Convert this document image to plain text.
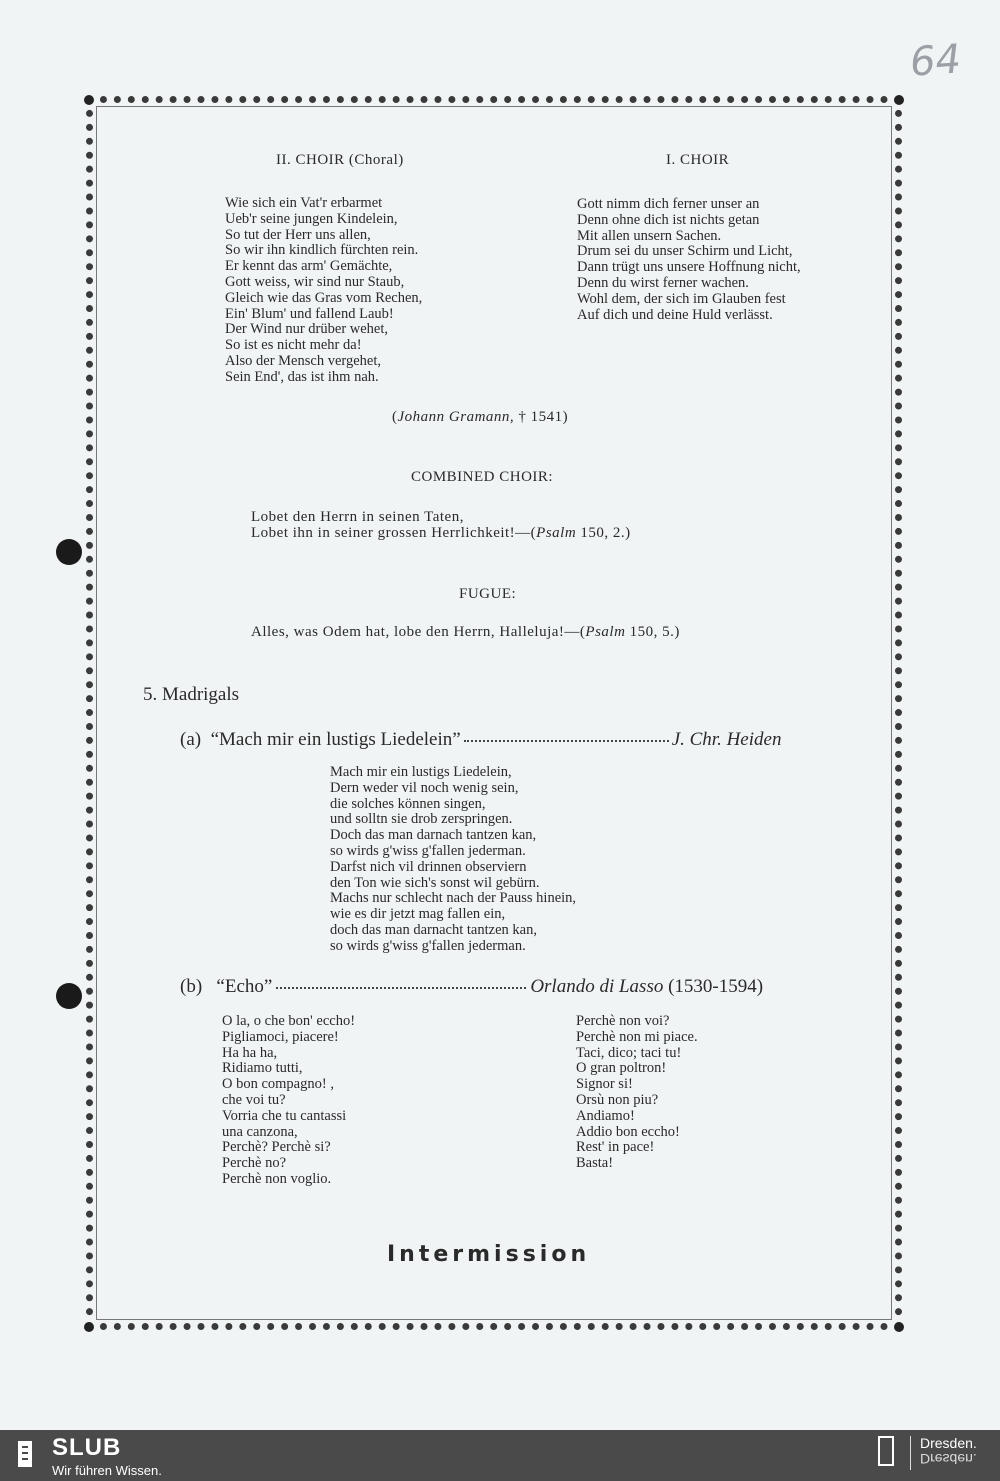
64
II. CHOIR (Choral)
Wie sich ein Vat'r erbarmet
Ueb'r seine jungen Kindelein,
So tut der Herr uns allen,
So wir ihn kindlich fürchten rein.
Er kennt das arm' Gemächte,
Gott weiss, wir sind nur Staub,
Gleich wie das Gras vom Rechen,
Ein' Blum' und fallend Laub!
Der Wind nur drüber wehet,
So ist es nicht mehr da!
Also der Mensch vergehet,
Sein End', das ist ihm nah.
I. CHOIR
Gott nimm dich ferner unser an
Denn ohne dich ist nichts getan
Mit allen unsern Sachen.
Drum sei du unser Schirm und Licht,
Dann trügt uns unsere Hoffnung nicht,
Denn du wirst ferner wachen.
Wohl dem, der sich im Glauben fest
Auf dich und deine Huld verlässt.
(Johann Gramann, † 1541)
COMBINED CHOIR:
Lobet den Herrn in seinen Taten,
Lobet ihn in seiner grossen Herrlichkeit!—(Psalm 150, 2.)
FUGUE:
Alles, was Odem hat, lobe den Herrn, Halleluja!—(Psalm 150, 5.)
5. Madrigals
(a) “Mach mir ein lustigs Liedelein”	J. Chr. Heiden
Mach mir ein lustigs Liedelein,
Dern weder vil noch wenig sein,
die solches können singen,
und solltn sie drob zerspringen.
Doch das man darnach tantzen kan,
so wirds g'wiss g'fallen jederman.
Darfst nich vil drinnen observiern
den Ton wie sich's sonst wil gebürn.
Machs nur schlecht nach der Pauss hinein,
wie es dir jetzt mag fallen ein,
doch das man darnacht tantzen kan,
so wirds g'wiss g'fallen jederman.
(b) “Echo”	Orlando di Lasso (1530-1594)
O la, o che bon' eccho!
Pigliamoci, piacere!
Ha ha ha,
Ridiamo tutti,
O bon compagno! ,
che voi tu?
Vorria che tu cantassi
una canzona,
Perchè? Perchè si?
Perchè no?
Perchè non voglio.
Perchè non voi?
Perchè non mi piace.
Taci, dico; taci tu!
O gran poltron!
Signor si!
Orsù non piu?
Andiamo!
Addio bon eccho!
Rest' in pace!
Basta!
Intermission
SLUB
Wir führen Wissen.
Dresden.
Dresden.
